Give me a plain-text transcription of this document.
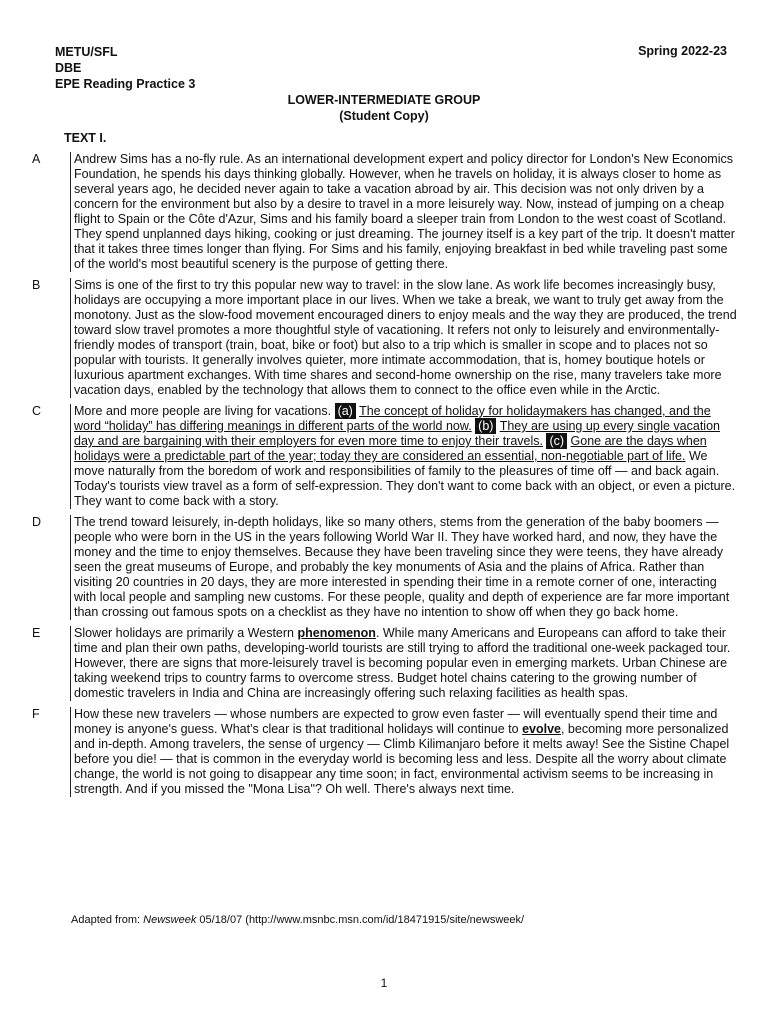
METU/SFL
DBE
EPE Reading Practice 3
Spring 2022-23
LOWER-INTERMEDIATE GROUP
(Student Copy)
TEXT I.
A	Andrew Sims has a no-fly rule. As an international development expert and policy director for London's New Economics Foundation, he spends his days thinking globally. However, when he travels on holiday, it is always closer to home as several years ago, he decided never again to take a vacation abroad by air. This decision was not only driven by a concern for the environment but also by a desire to travel in a more leisurely way. Now, instead of jumping on a cheap flight to Spain or the Côte d'Azur, Sims and his family board a sleeper train from London to the west coast of Scotland. They spend unplanned days hiking, cooking or just dreaming. The journey itself is a key part of the trip. It doesn't matter that it takes three times longer than flying. For Sims and his family, enjoying breakfast in bed while traveling past some of the world's most beautiful scenery is the purpose of getting there.
B	Sims is one of the first to try this popular new way to travel: in the slow lane. As work life becomes increasingly busy, holidays are occupying a more important place in our lives. When we take a break, we want to truly get away from the monotony. Just as the slow-food movement encouraged diners to enjoy meals and the way they are produced, the trend toward slow travel promotes a more thoughtful style of vacationing. It refers not only to leisurely and environmentally-friendly modes of transport (train, boat, bike or foot) but also to a trip which is smaller in scope and to places not so popular with tourists. It generally involves quieter, more intimate accommodation, that is, homey boutique hotels or luxurious apartment exchanges. With time shares and second-home ownership on the rise, many travelers take more vacation days, enabled by the technology that allows them to connect to the office even while in the Arctic.
C	More and more people are living for vacations. (a) The concept of holiday for holidaymakers has changed, and the word “holiday” has differing meanings in different parts of the world now. (b) They are using up every single vacation day and are bargaining with their employers for even more time to enjoy their travels. (c) Gone are the days when holidays were a predictable part of the year; today they are considered an essential, non-negotiable part of life. We move naturally from the boredom of work and responsibilities of family to the pleasures of time off — and back again. Today's tourists view travel as a form of self-expression. They don't want to come back with an object, or even a picture. They want to come back with a story.
D	The trend toward leisurely, in-depth holidays, like so many others, stems from the generation of the baby boomers — people who were born in the US in the years following World War II. They have worked hard, and now, they have the money and the time to enjoy themselves. Because they have been traveling since they were teens, they have already seen the great museums of Europe, and probably the key monuments of Asia and the plains of Africa. Rather than visiting 20 countries in 20 days, they are more interested in spending their time in a remote corner of one, interacting with local people and sampling new customs. For these people, quality and depth of experience are far more important than crossing out famous spots on a checklist as they have no intention to show off when they go back home.
E	Slower holidays are primarily a Western phenomenon. While many Americans and Europeans can afford to take their time and plan their own paths, developing-world tourists are still trying to afford the traditional one-week packaged tour. However, there are signs that more-leisurely travel is becoming popular even in emerging markets. Urban Chinese are taking weekend trips to country farms to overcome stress. Budget hotel chains catering to the growing number of domestic travelers in India and China are increasingly offering such relaxing facilities as health spas.
F	How these new travelers — whose numbers are expected to grow even faster — will eventually spend their time and money is anyone's guess. What's clear is that traditional holidays will continue to evolve, becoming more personalized and in-depth. Among travelers, the sense of urgency — Climb Kilimanjaro before it melts away! See the Sistine Chapel before you die! — that is common in the everyday world is becoming less and less. Despite all the worry about climate change, the world is not going to disappear any time soon; in fact, environmental activism seems to be increasing in strength. And if you missed the "Mona Lisa"? Oh well. There's always next time.
Adapted from: Newsweek 05/18/07 (http://www.msnbc.msn.com/id/18471915/site/newsweek/
1
